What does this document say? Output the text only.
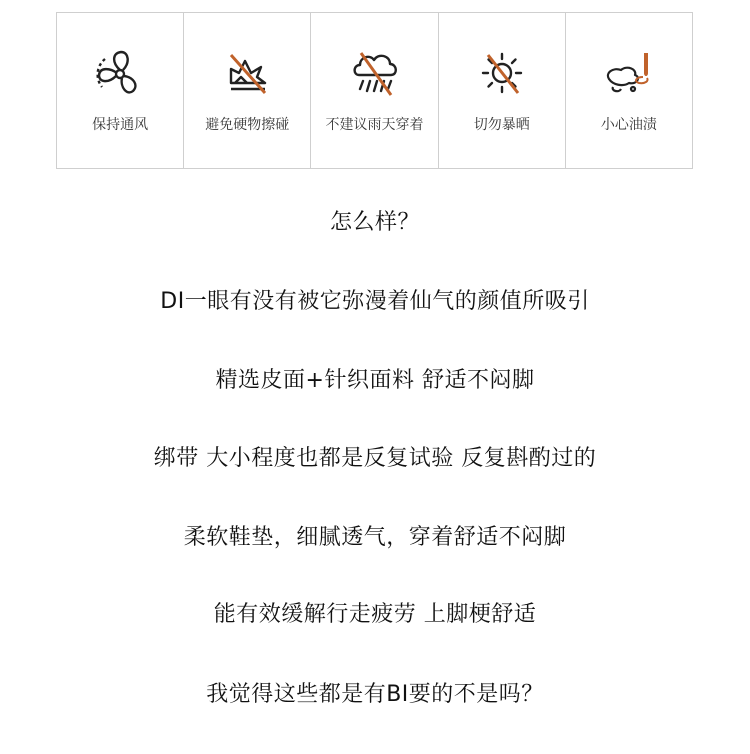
保持通风	避免硬物擦碰	不建议雨天穿着	切勿暴晒	小心油渍
怎么样？
DI一眼有没有被它弥漫着仙气的颜值所吸引
精选皮面+针织面料 舒适不闷脚
绑带 大小程度也都是反复试验 反复斟酌过的
柔软鞋垫，细腻透气，穿着舒适不闷脚
能有效缓解行走疲劳 上脚梗舒适
我觉得这些都是有BI要的不是吗？
